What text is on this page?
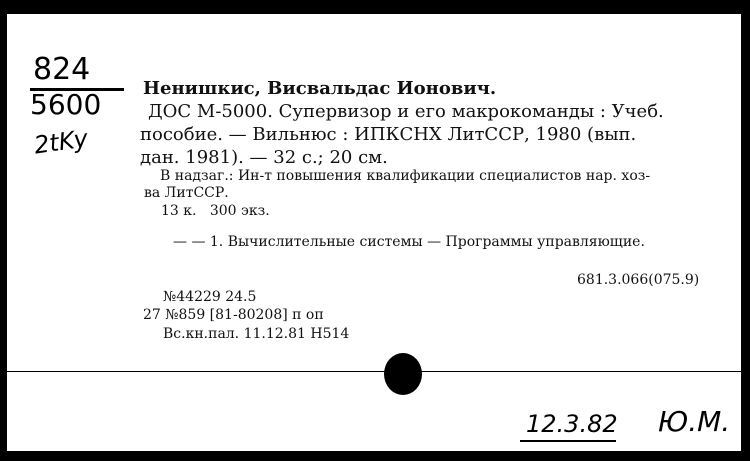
824
5600
2tKy
Ненишкис, Висвальдас Ионович.
ДОС М-5000. Супервизор и его макрокоманды : Учеб.
пособие. — Вильнюс : ИПКСНХ ЛитССР, 1980 (вып.
дан. 1981). — 32 с.; 20 см.
В надзаг.: Ин-т повышения квалификации специалистов нар. хоз-
ва ЛитССР.
13 к.   300 экз.
— — 1. Вычислительные системы — Программы управляющие.
681.3.066(075.9)
№44229 24.5
27 №859 [81-80208] п оп
Вс.кн.пал. 11.12.81 Н514
12.3.82 Ю.М.
